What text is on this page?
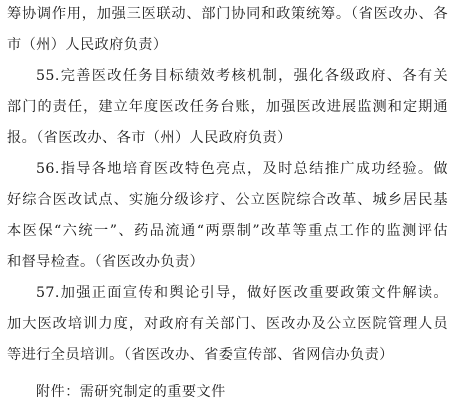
筹协调作用，加强三医联动、部门协同和政策统筹。（省医改办、各
市（州）人民政府负责）
55.完善医改任务目标绩效考核机制，强化各级政府、各有关
部门的责任，建立年度医改任务台账，加强医改进展监测和定期通
报。（省医改办、各市（州）人民政府负责）
56.指导各地培育医改特色亮点，及时总结推广成功经验。做
好综合医改试点、实施分级诊疗、公立医院综合改革、城乡居民基
本医保“六统一”、药品流通“两票制”改革等重点工作的监测评估
和督导检查。（省医改办负责）
57.加强正面宣传和舆论引导，做好医改重要政策文件解读。
加大医改培训力度，对政府有关部门、医改办及公立医院管理人员
等进行全员培训。（省医改办、省委宣传部、省网信办负责）
附件：需研究制定的重要文件
